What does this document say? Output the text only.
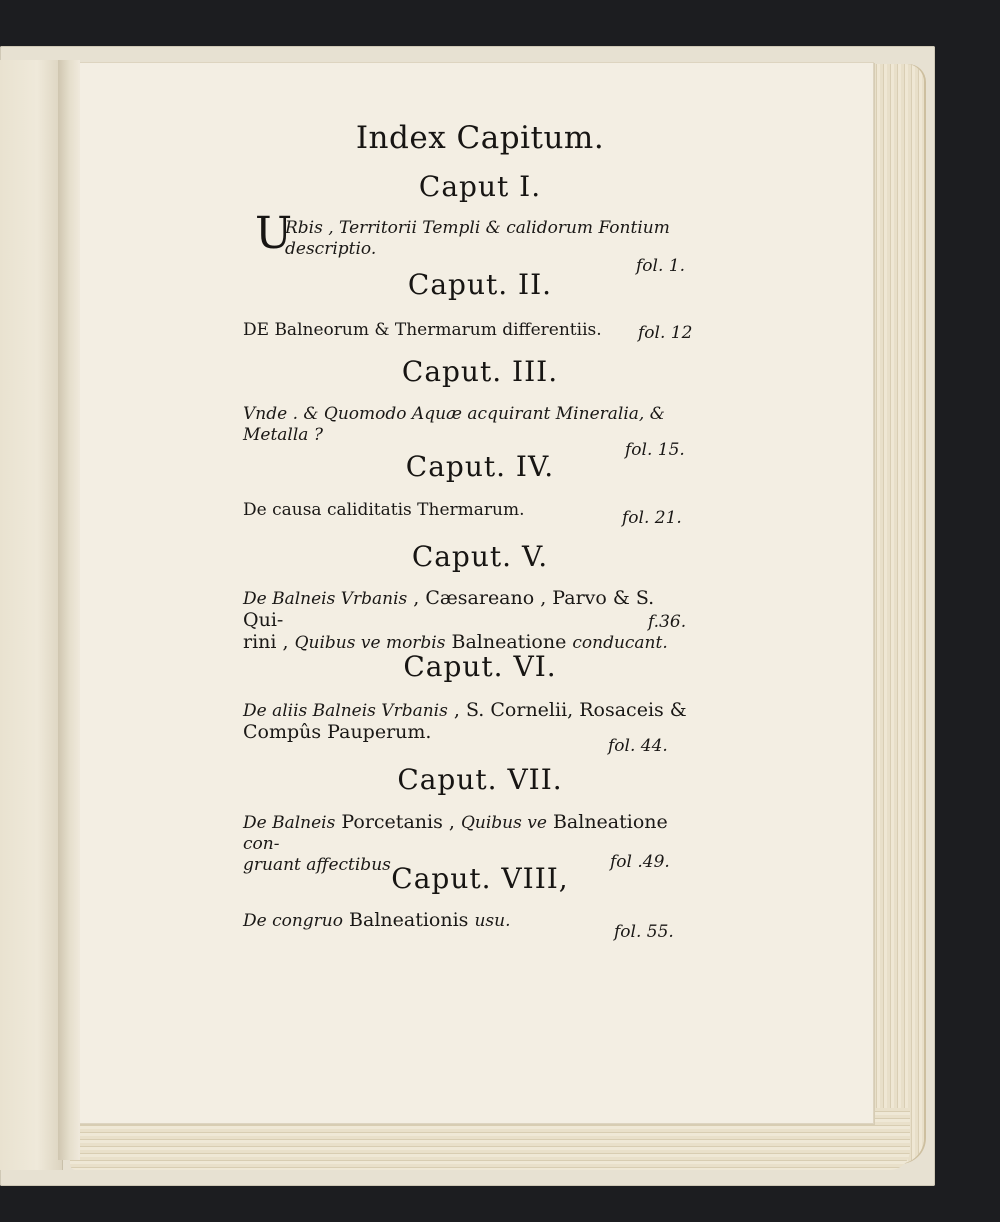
Index Capitum.
Caput I.
U
Rbis , Territorii Templi & calidorum Fontium
descriptio.
fol. 1.
Caput. II.
DE Balneorum & Thermarum differentiis.	fol. 12
Caput. III.
Vnde . & Quomodo Aquæ acquirant Mineralia, &
Metalla ?
fol. 15.
Caput. IV.
De causa caliditatis Thermarum.	fol. 21.
Caput. V.
De Balneis Vrbanis , Cæsareano , Parvo & S. Qui-
rini , Quibus ve morbis Balneatione conducant.
f.36.
Caput. VI.
De aliis Balneis Vrbanis , S. Cornelii, Rosaceis &
Compûs Pauperum.
fol. 44.
Caput. VII.
De Balneis Porcetanis , Quibus ve Balneatione con-
gruant affectibus	fol .49.
Caput. VIII,
De congruo Balneationis usu.
fol. 55.
